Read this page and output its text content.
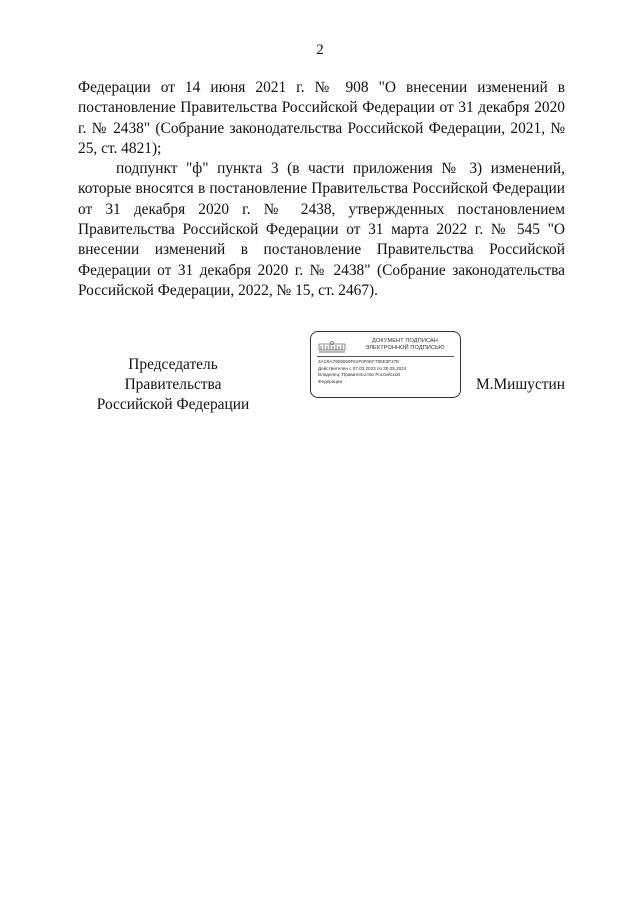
2

Федерации от 14 июня 2021 г. № 908 "О внесении изменений в постановление Правительства Российской Федерации от 31 декабря 2020 г. № 2438" (Собрание законодательства Российской Федерации, 2021, № 25, ст. 4821);

подпункт "ф" пункта 3 (в части приложения № 3) изменений, которые вносятся в постановление Правительства Российской Федерации от 31 декабря 2020 г. № 2438, утвержденных постановлением Правительства Российской Федерации от 31 марта 2022 г. № 545 "О внесении изменений в постановление Правительства Российской Федерации от 31 декабря 2020 г. № 2438" (Собрание законодательства Российской Федерации, 2022, № 15, ст. 2467).

Председатель Правительства
Российской Федерации
ДОКУМЕНТ ПОДПИСАН
ЭЛЕКТРОННОЙ ПОДПИСЬЮ
2AC6A7909060F61F0F0EF789E3F37E
Действителен с 07.03.2023 по 30.05.2024
Владелец: Правительство Российской
Федерации	М.Мишустин
